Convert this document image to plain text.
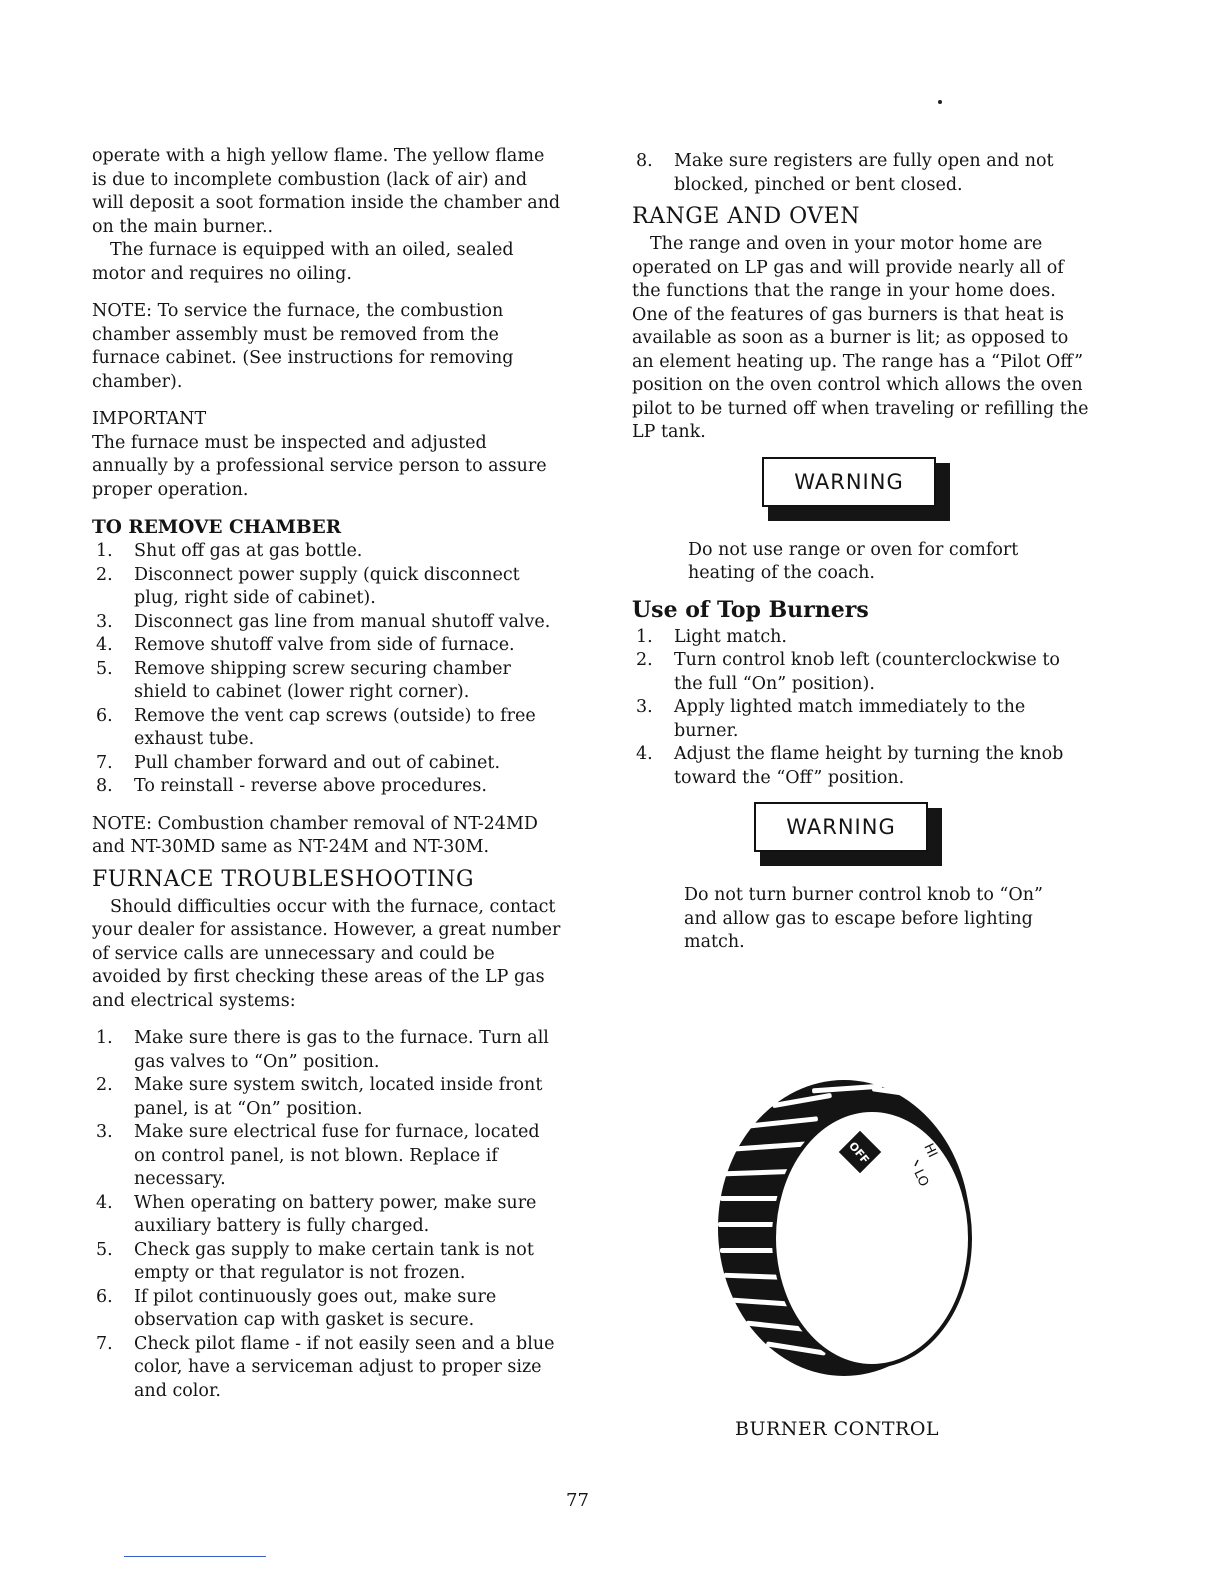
operate with a high yellow flame. The yellow flame is due to incomplete combustion (lack of air) and will deposit a soot formation inside the chamber and on the main burner..

The furnace is equipped with an oiled, sealed motor and requires no oiling.

NOTE: To service the furnace, the combustion chamber assembly must be removed from the furnace cabinet. (See instructions for removing chamber).

IMPORTANT

The furnace must be inspected and adjusted annually by a professional service person to assure proper operation.

TO REMOVE CHAMBER

1. Shut off gas at gas bottle.
2. Disconnect power supply (quick disconnect plug, right side of cabinet).
3. Disconnect gas line from manual shutoff valve.
4. Remove shutoff valve from side of furnace.
5. Remove shipping screw securing chamber shield to cabinet (lower right corner).
6. Remove the vent cap screws (outside) to free exhaust tube.
7. Pull chamber forward and out of cabinet.
8. To reinstall - reverse above procedures.

NOTE: Combustion chamber removal of NT-24MD and NT-30MD same as NT-24M and NT-30M.

FURNACE TROUBLESHOOTING

Should difficulties occur with the furnace, contact your dealer for assistance. However, a great number of service calls are unnecessary and could be avoided by first checking these areas of the LP gas and electrical systems:

1. Make sure there is gas to the furnace. Turn all gas valves to “On” position.
2. Make sure system switch, located inside front panel, is at “On” position.
3. Make sure electrical fuse for furnace, located on control panel, is not blown. Replace if necessary.
4. When operating on battery power, make sure auxiliary battery is fully charged.
5. Check gas supply to make certain tank is not empty or that regulator is not frozen.
6. If pilot continuously goes out, make sure observation cap with gasket is secure.
7. Check pilot flame - if not easily seen and a blue color, have a serviceman adjust to proper size and color.
8. Make sure registers are fully open and not blocked, pinched or bent closed.

RANGE AND OVEN

The range and oven in your motor home are operated on LP gas and will provide nearly all of the functions that the range in your home does. One of the features of gas burners is that heat is available as soon as a burner is lit; as opposed to an element heating up. The range has a “Pilot Off” position on the oven control which allows the oven pilot to be turned off when traveling or refilling the LP tank.

WARNING

Do not use range or oven for comfort heating of the coach.

Use of Top Burners

1. Light match.
2. Turn control knob left (counterclockwise to the full “On” position).
3. Apply lighted match immediately to the burner.
4. Adjust the flame height by turning the knob toward the “Off” position.
WARNING

Do not turn burner control knob to “On” and allow gas to escape before lighting match.

OFF	HI
LO
BURNER CONTROL
77
